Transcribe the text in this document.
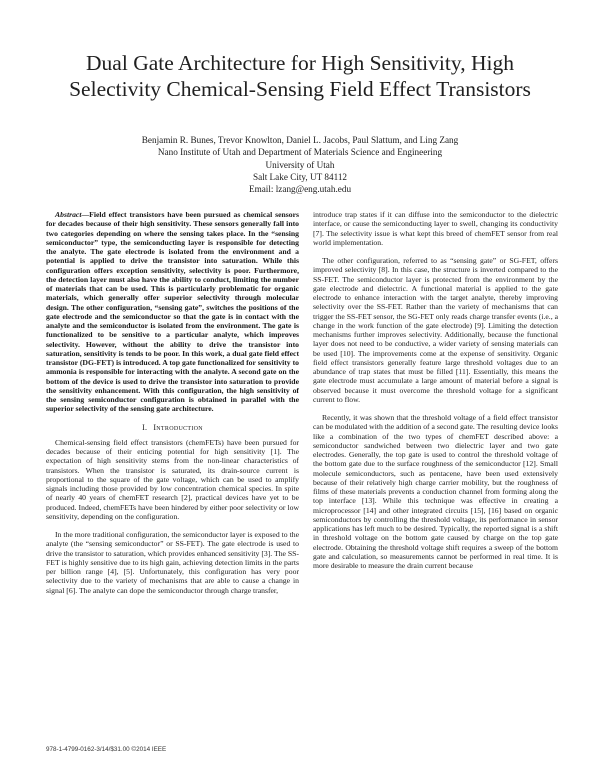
Dual Gate Architecture for High Sensitivity, High
Selectivity Chemical-Sensing Field Effect Transistors
Benjamin R. Bunes, Trevor Knowlton, Daniel L. Jacobs, Paul Slattum, and Ling Zang
Nano Institute of Utah and Department of Materials Science and Engineering
University of Utah
Salt Lake City, UT 84112
Email: lzang@eng.utah.edu

Abstract—Field effect transistors have been pursued as chemical sensors for decades because of their high sensitivity. These sensors generally fall into two categories depending on where the sensing takes place. In the “sensing semiconductor” type, the semiconducting layer is responsible for detecting the analyte. The gate electrode is isolated from the environment and a potential is applied to drive the transistor into saturation. While this configuration offers exception sensitivity, selectivity is poor. Furthermore, the detection layer must also have the ability to conduct, limiting the number of materials that can be used. This is particularly problematic for organic materials, which generally offer superior selectivity through molecular design. The other configuration, “sensing gate”, switches the positions of the gate electrode and the semiconductor so that the gate is in contact with the analyte and the semiconductor is isolated from the environment. The gate is functionalized to be sensitive to a particular analyte, which improves selectivity. However, without the ability to drive the transistor into saturation, sensitivity is tends to be poor. In this work, a dual gate field effect transistor (DG-FET) is introduced. A top gate functionalized for sensitivity to ammonia is responsible for interacting with the analyte. A second gate on the bottom of the device is used to drive the transistor into saturation to provide the sensitivity enhancement. With this configuration, the high sensitivity of the sensing semiconductor configuration is obtained in parallel with the superior selectivity of the sensing gate architecture.

I. Introduction

Chemical-sensing field effect transistors (chemFETs) have been pursued for decades because of their enticing potential for high sensitivity [1]. The expectation of high sensitivity stems from the non-linear characteristics of transistors. When the transistor is saturated, its drain-source current is proportional to the square of the gate voltage, which can be used to amplify signals including those provided by low concentration chemical species. In spite of nearly 40 years of chemFET research [2], practical devices have yet to be produced. Indeed, chemFETs have been hindered by either poor selectivity or low sensitivity, depending on the configuration.

In the more traditional configuration, the semiconductor layer is exposed to the analyte (the “sensing semiconductor” or SS-FET). The gate electrode is used to drive the transistor to saturation, which provides enhanced sensitivity [3]. The SS-FET is highly sensitive due to its high gain, achieving detection limits in the parts per billion range [4], [5]. Unfortunately, this configuration has very poor selectivity due to the variety of mechanisms that are able to cause a change in signal [6]. The analyte can dope the semiconductor through charge transfer,

introduce trap states if it can diffuse into the semiconductor to the dielectric interface, or cause the semiconducting layer to swell, changing its conductivity [7]. The selectivity issue is what kept this breed of chemFET sensor from real world implementation.

The other configuration, referred to as “sensing gate” or SG-FET, offers improved selectivity [8]. In this case, the structure is inverted compared to the SS-FET. The semiconductor layer is protected from the environment by the gate electrode and dielectric. A functional material is applied to the gate electrode to enhance interaction with the target analyte, thereby improving selectivity over the SS-FET. Rather than the variety of mechanisms that can trigger the SS-FET sensor, the SG-FET only reads charge transfer events (i.e., a change in the work function of the gate electrode) [9]. Limiting the detection mechanisms further improves selectivity. Additionally, because the functional layer does not need to be conductive, a wider variety of sensing materials can be used [10]. The improvements come at the expense of sensitivity. Organic field effect transistors generally feature large threshold voltages due to an abundance of trap states that must be filled [11]. Essentially, this means the gate electrode must accumulate a large amount of material before a signal is observed because it must overcome the threshold voltage for a significant current to flow.

Recently, it was shown that the threshold voltage of a field effect transistor can be modulated with the addition of a second gate. The resulting device looks like a combination of the two types of chemFET described above: a semiconductor sandwiched between two dielectric layer and two gate electrodes. Generally, the top gate is used to control the threshold voltage of the bottom gate due to the surface roughness of the semiconductor [12]. Small molecule semiconductors, such as pentacene, have been used extensively because of their relatively high charge carrier mobility, but the roughness of films of these materials prevents a conduction channel from forming along the top interface [13]. While this technique was effective in creating a microprocessor [14] and other integrated circuits [15], [16] based on organic semiconductors by controlling the threshold voltage, its performance in sensor applications has left much to be desired. Typically, the reported signal is a shift in threshold voltage on the bottom gate caused by charge on the top gate electrode. Obtaining the threshold voltage shift requires a sweep of the bottom gate and calculation, so measurements cannot be performed in real time. It is more desirable to measure the drain current because

978-1-4799-0162-3/14/$31.00 ©2014 IEEE
